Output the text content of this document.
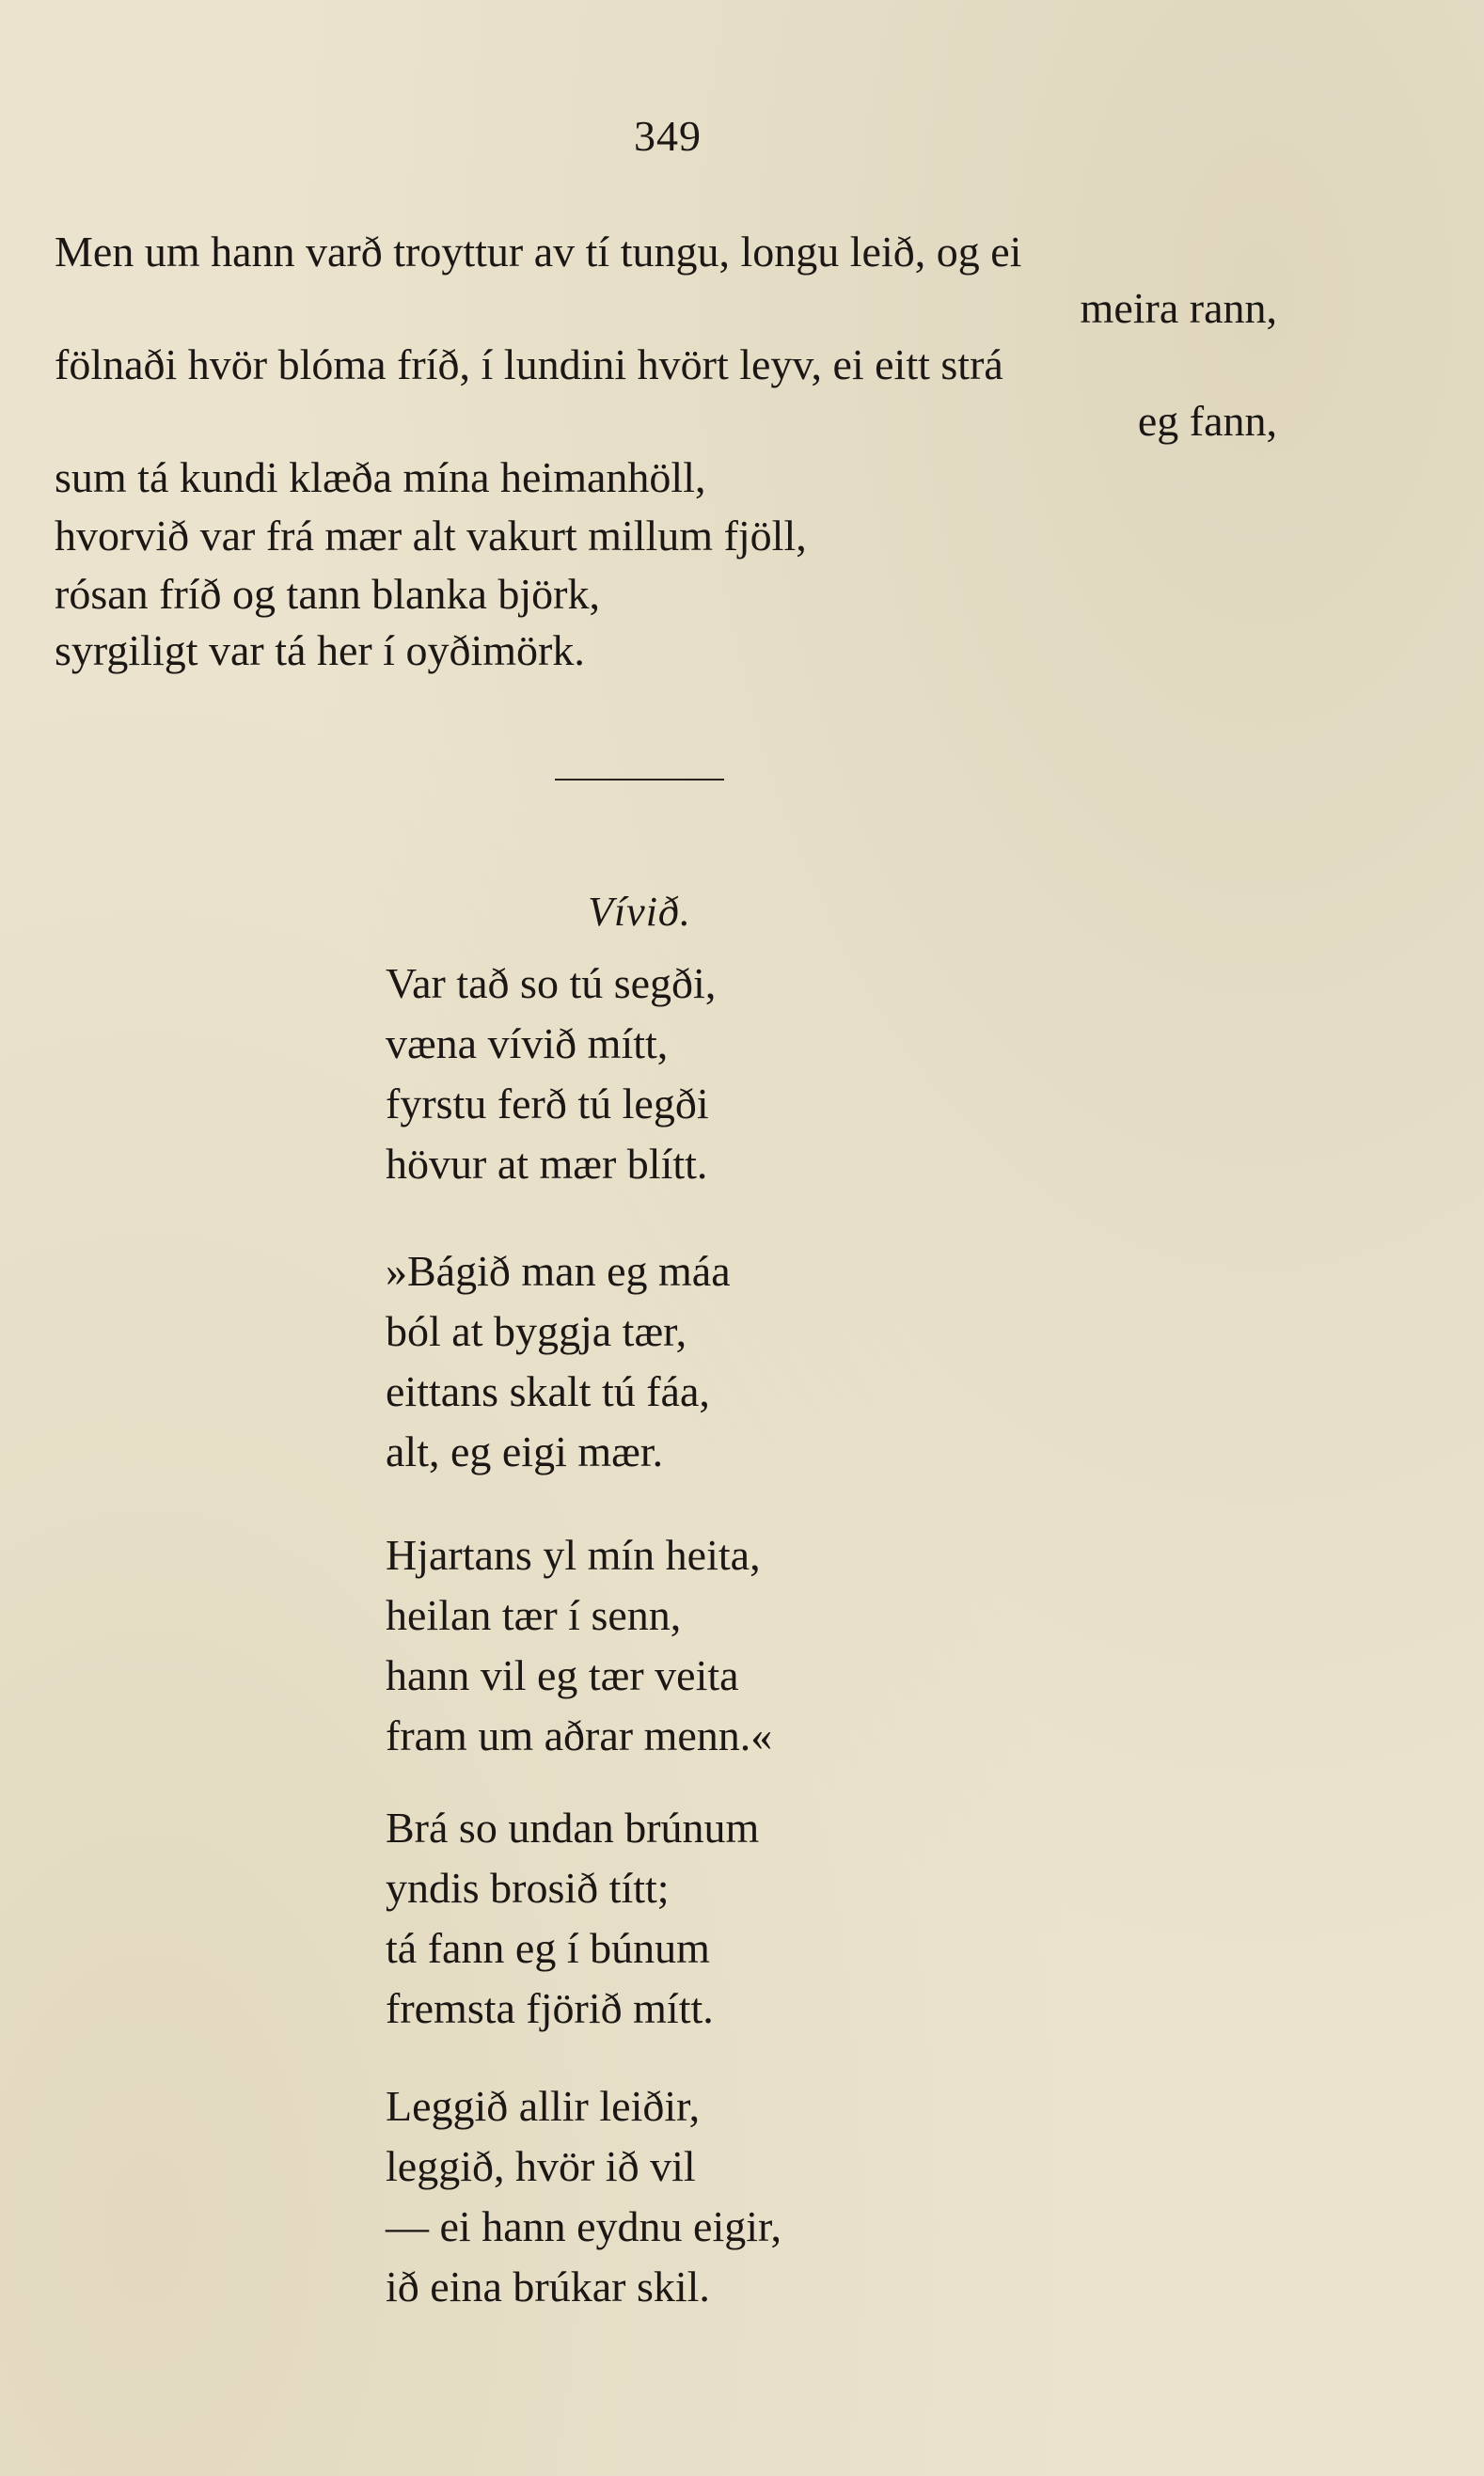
349
Men um hann varð troyttur av tí tungu, longu leið, og ei
meira rann,
fölnaði hvör blóma fríð, í lundini hvört leyv, ei eitt strá
eg fann,
sum tá kundi klæða mína heimanhöll,
hvorvið var frá mær alt vakurt millum fjöll,
rósan fríð og tann blanka björk,
syrgiligt var tá her í oyðimörk.
Vívið.
Var tað so tú segði,
væna vívið mítt,
fyrstu ferð tú legði
hövur at mær blítt.
»Bágið man eg máa
ból at byggja tær,
eittans skalt tú fáa,
alt, eg eigi mær.
Hjartans yl mín heita,
heilan tær í senn,
hann vil eg tær veita
fram um aðrar menn.«
Brá so undan brúnum
yndis brosið títt;
tá fann eg í búnum
fremsta fjörið mítt.
Leggið allir leiðir,
leggið, hvör ið vil
— ei hann eydnu eigir,
ið eina brúkar skil.
